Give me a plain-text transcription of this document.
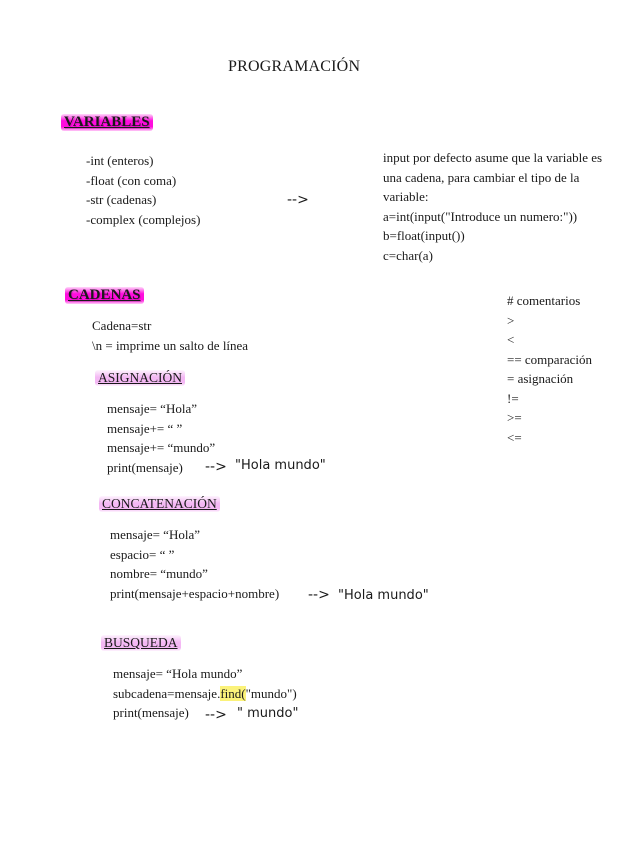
PROGRAMACIÓN
VARIABLES
-int (enteros)
-float (con coma)
-str (cadenas)
-complex (complejos)
-->
input por defecto asume que la variable es
una cadena, para cambiar el tipo de la
variable:
a=int(input("Introduce un numero:"))
b=float(input())
c=char(a)
# comentarios
>
<
== comparación
= asignación
!=
>=
<=
CADENAS
Cadena=str
\n = imprime un salto de línea
ASIGNACIÓN
mensaje= “Hola”
mensaje+= “ ”
mensaje+= “mundo”
print(mensaje)	--> "Hola mundo"
CONCATENACIÓN
mensaje= “Hola”
espacio= “ ”
nombre= “mundo”
print(mensaje+espacio+nombre) --> "Hola mundo"
BUSQUEDA
mensaje= “Hola mundo”
subcadena=mensaje.find("mundo")
print(mensaje)	--> " mundo"
